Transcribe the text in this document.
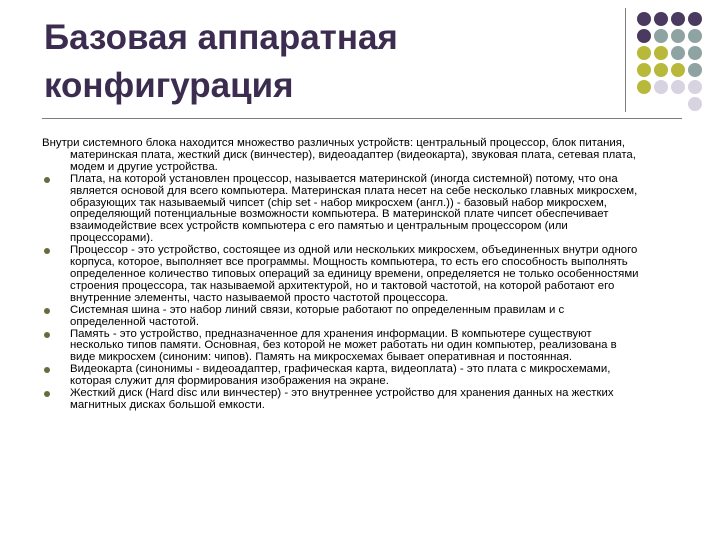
Базовая аппаратная
конфигурация

Внутри системного блока находится множество различных устройств: центральный процессор, блок питания, материнская плата, жесткий диск (винчестер), видеоадаптер (видеокарта), звуковая плата, сетевая плата, модем и другие устройства.

Плата, на которой установлен процессор, называется материнской (иногда системной) потому, что она является основой для всего компьютера. Материнская плата несет на себе несколько главных микросхем, образующих так называемый чипсет (chip set - набор микросхем (англ.)) - базовый набор микросхем, определяющий потенциальные возможности компьютера. В материнской плате чипсет обеспечивает взаимодействие всех устройств компьютера с его памятью и центральным процессором (или процессорами).

Процессор - это устройство, состоящее из одной или нескольких микросхем, объединенных внутри одного корпуса, которое, выполняет все программы. Мощность компьютера, то есть его способность выполнять определенное количество типовых операций за единицу времени, определяется не только особенностями строения процессора, так называемой архитектурой, но и тактовой частотой, на которой работают его внутренние элементы, часто называемой просто частотой процессора.

Системная шина - это набор линий связи, которые работают по определенным правилам и с определенной частотой.

Память - это устройство, предназначенное для хранения информации. В компьютере существуют несколько типов памяти. Основная, без которой не может работать ни один компьютер, реализована в виде микросхем (синоним: чипов). Память на микросхемах бывает оперативная и постоянная.

Видеокарта (синонимы - видеоадаптер, графическая карта, видеоплата) - это плата с микросхемами, которая служит для формирования изображения на экране.

Жесткий диск (Hard disc или винчестер) - это внутреннее устройство для хранения данных на жестких магнитных дисках большой емкости.
